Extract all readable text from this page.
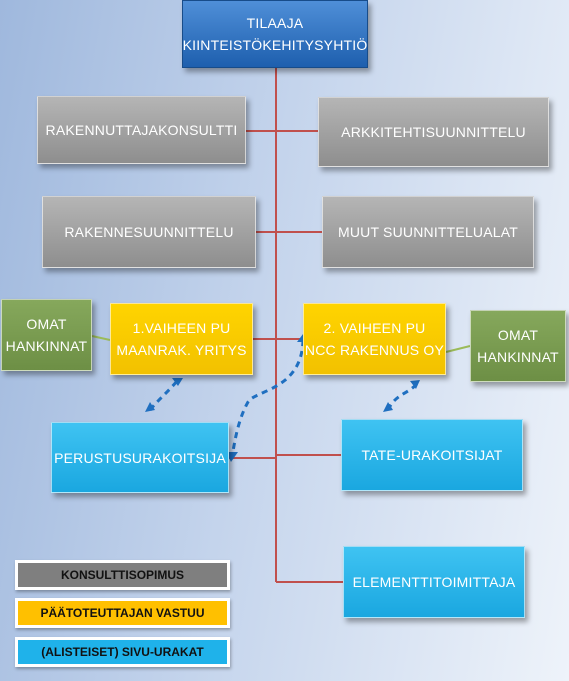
TILAAJA
KIINTEISTÖKEHITYSYHTIÖ
RAKENNUTTAJAKONSULTTI	ARKKITEHTISUUNNITTELU
RAKENNESUUNNITTELU	MUUT SUUNNITTELUALAT
OMAT
HANKINNAT
1.VAIHEEN PU
MAANRAK. YRITYS
2. VAIHEEN PU
NCC RAKENNUS OY
OMAT
HANKINNAT
PERUSTUSURAKOITSIJA	TATE-URAKOITSIJAT
ELEMENTTITOIMITTAJA
KONSULTTISOPIMUS
PÄÄTOTEUTTAJAN VASTUU
(ALISTEISET) SIVU-URAKAT
